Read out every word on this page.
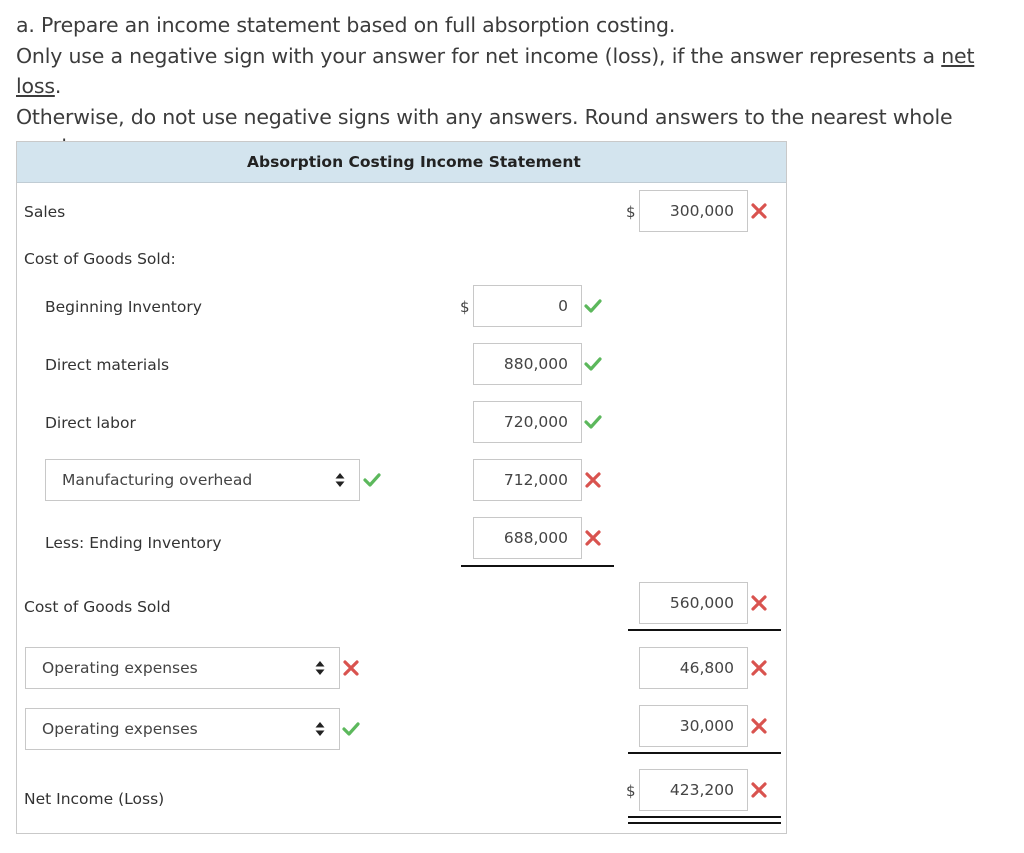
a. Prepare an income statement based on full absorption costing.
Only use a negative sign with your answer for net income (loss), if the answer represents a net loss.
Otherwise, do not use negative signs with any answers. Round answers to the nearest whole
Absorption Costing Income Statement
Sales	$	300,000
Cost of Goods Sold:
Beginning Inventory	$	0
Direct materials	880,000
Direct labor	720,000
Manufacturing overhead	712,000
Less: Ending Inventory	688,000
Cost of Goods Sold	560,000
Operating expenses	46,800
Operating expenses	30,000
Net Income (Loss)	$	423,200
